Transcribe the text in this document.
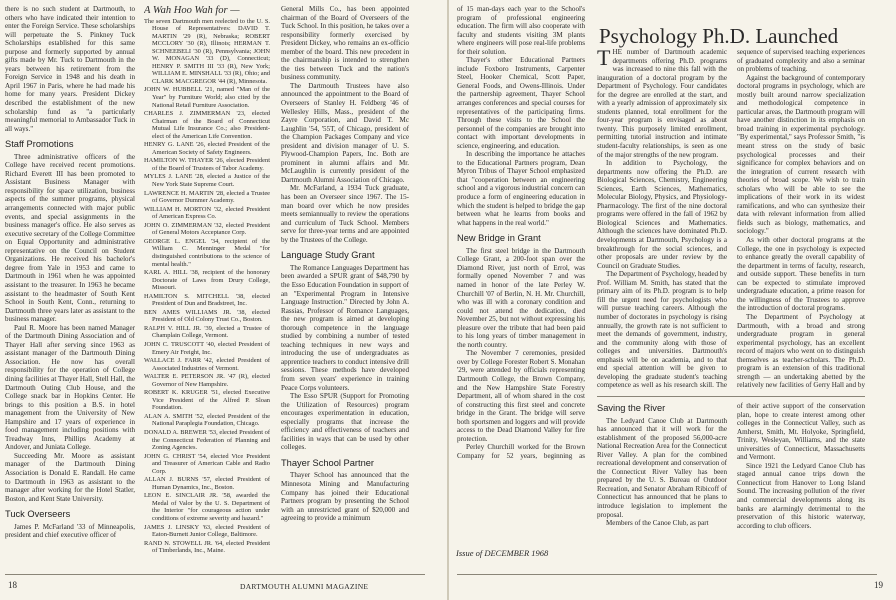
there is no such student at Dartmouth, to others who have indicated their intention to enter the Foreign Service. These scholarships will perpetuate the S. Pinkney Tuck Scholarships established for this same purpose and formerly supported by annual gifts made by Mr. Tuck to Dartmouth in the years between his retirement from the Foreign Service in 1948 and his death in April 1967 in Paris, where he had made his home for many years. President Dickey described the establishment of the new scholarship fund as "a particularly meaningful memorial to Ambassador Tuck in all ways."

Staff Promotions

Three administrative officers of the College have received recent promotions. Richard Everett III has been promoted to Assistant Business Manager with responsibility for space utilization, business aspects of the summer programs, physical arrangements connected with major public events, and special assignments in the business manager's office. He also serves as executive secretary of the College Committee on Equal Opportunity and administrative representative on the Council on Student Organizations. He received his bachelor's degree from Yale in 1953 and came to Dartmouth in 1961 when he was appointed assistant to the treasurer. In 1963 he became assistant to the headmaster of South Kent School in South Kent, Conn., returning to Dartmouth three years later as assistant to the business manager.

Paul R. Moore has been named Manager of the Dartmouth Dining Association and of Thayer Hall after serving since 1963 as assistant manager of the Dartmouth Dining Association. He now has overall responsibility for the operation of College dining facilities at Thayer Hall, Stell Hall, the Dartmouth Outing Club House, and the College snack bar in Hopkins Center. He brings to this position a B.S. in hotel management from the University of New Hampshire and 17 years of experience in food management including positions with Treadway Inns, Phillips Academy at Andover, and Juniata College.

Succeeding Mr. Moore as assistant manager of the Dartmouth Dining Association is Donald E. Randall. He came to Dartmouth in 1963 as assistant to the manager after working for the Hotel Statler, Boston, and Kent State University.

Tuck Overseers

James P. McFarland '33 of Minneapolis, president and chief executive officer of

A Wah Hoo Wah for —

The seven Dartmouth men reelected to the U. S. House of Representatives: DAVID T. MARTIN '29 (R), Nebraska; ROBERT MCCLORY '30 (R), Illinois; HERMAN T. SCHNEEBELI '30 (R), Pennsylvania; JOHN W. MONAGAN '33 (D), Connecticut; HENRY P. SMITH III '33 (R), New York; WILLIAM E. MINSHALL '33 (R), Ohio; and CLARK MACGREGOR '44 (R), Minnesota.

JOHN W. HUBBELL '21, named "Man of the Year" by Furniture World; also cited by the National Retail Furniture Association.

CHARLES J. ZIMMERMAN '23, elected Chairman of the Board of Connecticut Mutual Life Insurance Co.; also President-elect of the American Life Convention.

HENRY G. LANE '26, elected President of the American Society of Safety Engineers.

HAMILTON W. THAYER '26, elected President of the Board of Trustees of Tabor Academy.

MYLES J. LANE '28, elected a Justice of the New York State Supreme Court.

LAWRENCE H. MARTIN '28, elected a Trustee of Governor Dummer Academy.

WILLIAM H. MORTON '32, elected President of American Express Co.

JOHN O. ZIMMERMAN '32, elected President of General Motors Acceptance Corp.

GEORGE L. ENGEL '34, recipient of the William C. Menninger Medal "for distinguished contributions to the science of mental health."

KARL A. HILL '38, recipient of the honorary Doctorate of Laws from Drury College, Missouri.

HAMILTON S. MITCHELL '38, elected President of Dun and Bradstreet, Inc.

BEN AMES WILLIAMS JR. '38, elected President of Old Colony Trust Co., Boston.

RALPH V. HILL JR. '39, elected a Trustee of Champlain College, Vermont.

JOHN C. TRUSCOTT '40, elected President of Emery Air Freight, Inc.

WALLACE J. FARR '42, elected President of Associated Industries of Vermont.

WALTER E. PETERSON JR. '47 (R), elected Governor of New Hampshire.

ROBERT K. KRUGER '51, elected Executive Vice President of the Alfred P. Sloan Foundation.

ALAN A. SMITH '52, elected President of the National Paraplegia Foundation, Chicago.

DONALD A. BREWER '53, elected President of the Connecticut Federation of Planning and Zoning Agencies.

JOHN G. CHRIST '54, elected Vice President and Treasurer of American Cable and Radio Corp.

ALLAN J. BURNS '57, elected President of Human Dynamics, Inc., Boston.

LEON E. SINCLAIR JR. '58, awarded the Medal of Valor by the U. S. Department of the Interior "for courageous action under conditions of extreme severity and hazard."

JAMES J. LINSKY '63, elected President of Eaton-Burnett Junior College, Baltimore.

RAND N. STOWELL JR. '64, elected President of Timberlands, Inc., Maine.

General Mills Co., has been appointed chairman of the Board of Overseers of the Tuck School. In this position, he takes over a responsibility formerly exercised by President Dickey, who remains an ex-officio member of the board. This new precedent in the chairmanship is intended to strengthen the ties between Tuck and the nation's business community.

The Dartmouth Trustees have also announced the appointment to the Board of Overseers of Stanley H. Feldberg '46 of Wellesley Hills, Mass., president of the Zayre Corporation, and David T. Mc Laughlin '54, '55T, of Chicago, president of the Champion Packages Company and vice president and division manager of U. S. Plywood-Champion Papers, Inc. Both are prominent in alumni affairs and Mr. McLaughlin is currently president of the Dartmouth Alumni Association of Chicago.

Mr. McFarland, a 1934 Tuck graduate, has been an Overseer since 1967. The 15-man board over which he now presides meets semiannually to review the operations and curriculum of Tuck School. Members serve for three-year terms and are appointed by the Trustees of the College.

Language Study Grant

The Romance Languages Department has been awarded a SPUR grant of $48,790 by the Esso Education Foundation in support of an "Experimental Program in Intensive Language Instruction." Directed by John A. Rassias, Professor of Romance Languages, the new program is aimed at developing thorough competence in the language studied by combining a number of tested teaching techniques in new ways and introducing the use of undergraduates as apprentice teachers to conduct intensive drill sessions. These methods have developed from seven years' experience in training Peace Corps volunteers.

The Esso SPUR (Support for Promoting the Utilization of Resources) program encourages experimentation in education, especially programs that increase the efficiency and effectiveness of teachers and facilities in ways that can be used by other colleges.

Thayer School Partner

Thayer School has announced that the Minnesota Mining and Manufacturing Company has joined their Educational Partners program by presenting the School with an unrestricted grant of $20,000 and agreeing to provide a minimum

18	DARTMOUTH ALUMNI MAGAZINE

of 15 man-days each year to the School's program of professional engineering education. The firm will also cooperate with faculty and students visiting 3M plants where engineers will pose real-life problems for their solution.

Thayer's other Educational Partners include Foxboro Instruments, Carpenter Steel, Hooker Chemical, Scott Paper, General Foods, and Owens-Illinois. Under the partnership agreement, Thayer School arranges conferences and special courses for representatives of the participating firms. Through these visits to the School the personnel of the companies are brought into contact with important developments in science, engineering, and education.

In describing the importance he attaches to the Educational Partners program, Dean Myron Tribus of Thayer School emphasized that "cooperation between an engineering school and a vigorous industrial concern can produce a form of engineering education in which the student is helped to bridge the gap between what he learns from books and what happens in the real world."

New Bridge in Grant

The first steel bridge in the Dartmouth College Grant, a 200-foot span over the Diamond River, just north of Errol, was formally opened November 7 and was named in honor of the late Perley W. Churchill '07 of Berlin, N. H. Mr. Churchill, who was ill with a coronary condition and could not attend the dedication, died November 25, but not without expressing his pleasure over the tribute that had been paid to his long years of timber management in the north country.

The November 7 ceremonies, presided over by College Forester Robert S. Monahan '29, were attended by officials representing Dartmouth College, the Brown Company, and the New Hampshire State Forestry Department, all of whom shared in the cost of constructing this first steel and concrete bridge in the Grant. The bridge will serve both sportsmen and loggers and will provide access to the Dead Diamond Valley for fire protection.

Perley Churchill worked for the Brown Company for 52 years, beginning as

Issue of DECEMBER 1968
Psychology Ph.D. Launched

THE number of Dartmouth academic departments offering Ph.D. programs was increased to nine this fall with the inauguration of a doctoral program by the Department of Psychology. Four candidates for the degree are enrolled at the start, and with a yearly admission of approximately six students planned, total enrollment for the four-year program is envisaged as about twenty. This purposely limited enrollment, permitting tutorial instruction and intimate student-faculty relationships, is seen as one of the major strengths of the new program.

In addition to Psychology, the departments now offering the Ph.D. are Biological Sciences, Chemistry, Engineering Sciences, Earth Sciences, Mathematics, Molecular Biology, Physics, and Physiology-Pharmacology. The first of the nine doctoral programs were offered in the fall of 1962 by Biological Sciences and Mathematics. Although the sciences have dominated Ph.D. developments at Dartmouth, Psychology is a breakthrough for the social sciences, and other proposals are under review by the Council on Graduate Studies.

The Department of Psychology, headed by Prof. William M. Smith, has stated that the primary aim of its Ph.D. program is to help fill the urgent need for psychologists who will pursue teaching careers. Although the number of doctorates in psychology is rising annually, the growth rate is not sufficient to meet the demands of government, industry, and the community along with those of colleges and universities. Dartmouth's emphasis will be on academia, and to that end special attention will be given to developing the graduate student's teaching competence as well as his research skill. The

sequence of supervised teaching experiences of graduated complexity and also a seminar on problems of teaching.

Against the background of contemporary doctoral programs in psychology, which are mostly built around narrow specialization and methodological competence in particular areas, the Dartmouth program will have another distinction in its emphasis on broad training in experimental psychology. "By experimental," says Professor Smith, "is meant stress on the study of basic psychological processes and their significance for complex behaviors and on the integration of current research with theories of broad scope. We wish to train scholars who will be able to see the implications of their work in its widest ramifications, and who can synthesize their data with relevant information from allied fields such as biology, mathematics, and sociology."

As with other doctoral programs at the College, the one in psychology is expected to enhance greatly the overall capability of the department in terms of faculty, research, and outside support. These benefits in turn can be expected to stimulate improved undergraduate education, a prime reason for the willingness of the Trustees to approve the introduction of doctoral programs.

The Department of Psychology at Dartmouth, with a broad and strong undergraduate program in general experimental psychology, has an excellent record of majors who went on to distinguish themselves as teacher-scholars. The Ph.D. program is an extension of this traditional strength — an undertaking abetted by the relatively new facilities of Gerry Hall and by

Saving the River

The Ledyard Canoe Club at Dartmouth has announced that it will work for the establishment of the proposed 56,000-acre National Recreation Area for the Connecticut River Valley. A plan for the combined recreational development and conservation of the Connecticut River Valley has been prepared by the U. S. Bureau of Outdoor Recreation, and Senator Abraham Ribicoff of Connecticut has announced that he plans to introduce legislation to implement the proposal.

Members of the Canoe Club, as part

of their active support of the conservation plan, hope to create interest among other colleges in the Connecticut Valley, such as Amherst, Smith, Mt. Holyoke, Springfield, Trinity, Wesleyan, Williams, and the state universities of Connecticut, Massachusetts and Vermont.

Since 1921 the Ledyard Canoe Club has staged annual canoe trips down the Connecticut from Hanover to Long Island Sound. The increasing pollution of the river and commercial developments along its banks are alarmingly detrimental to the preservation of this historic waterway, according to club officers.

19
